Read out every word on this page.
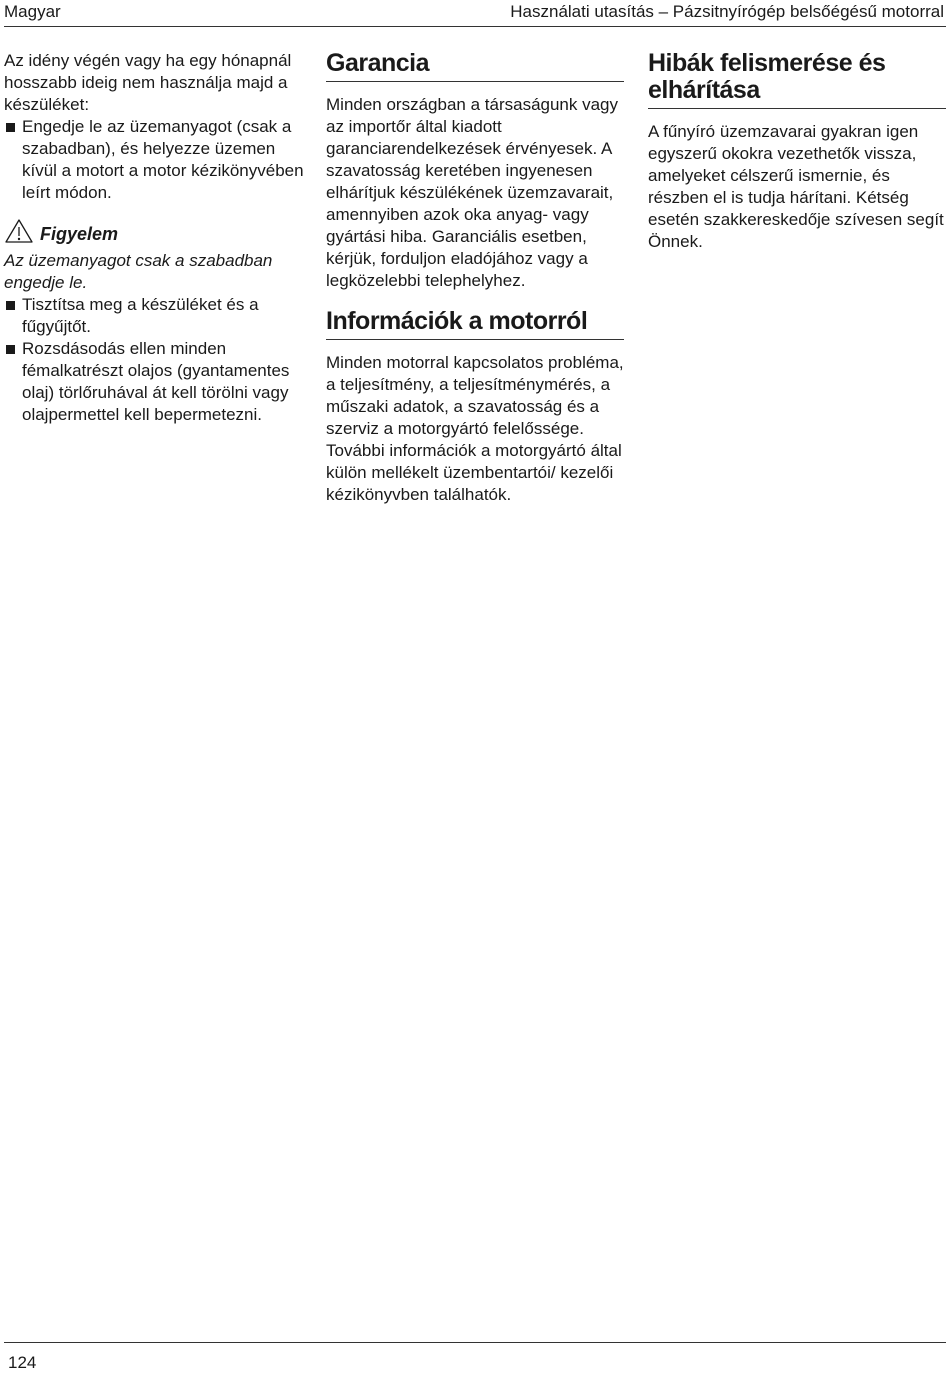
Magyar	Használati utasítás – Pázsitnyírógép belsőégésű motorral

Az idény végén vagy ha egy hónapnál hosszabb ideig nem használja majd a készüléket:

Engedje le az üzemanyagot (csak a szabadban), és helyezze üzemen kívül a motort a motor kézikönyvében leírt módon.

Figyelem

Az üzemanyagot csak a szabadban engedje le.

Tisztítsa meg a készüléket és a fűgyűjtőt.

Rozsdásodás ellen minden fémalkatrészt olajos (gyantamentes olaj) törlőruhával át kell törölni vagy olajpermettel kell bepermetezni.

Garancia

Minden országban a társaságunk vagy az importőr által kiadott garanciarendelkezések érvényesek. A szavatosság keretében ingyenesen elhárítjuk készülékének üzemzavarait, amennyiben azok oka anyag- vagy gyártási hiba. Garanciális esetben, kérjük, forduljon eladójához vagy a legközelebbi telephelyhez.

Információk a motorról

Minden motorral kapcsolatos probléma, a teljesítmény, a teljesítménymérés, a műszaki adatok, a szavatosság és a szerviz a motorgyártó felelőssége. További információk a motorgyártó által külön mellékelt üzembentartói/ kezelői kézikönyvben találhatók.

Hibák felismerése és elhárítása

A fűnyíró üzemzavarai gyakran igen egyszerű okokra vezethetők vissza, amelyeket célszerű ismernie, és részben el is tudja hárítani. Kétség esetén szakkereskedője szívesen segít Önnek.

124
